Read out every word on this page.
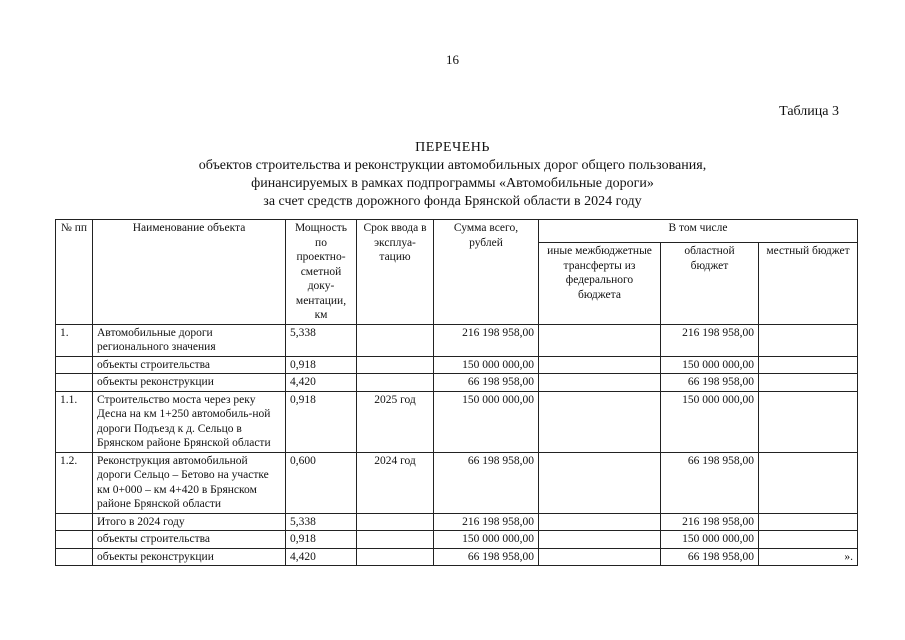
16
Таблица 3
ПЕРЕЧЕНЬ
объектов строительства и реконструкции автомобильных дорог общего пользования,
финансируемых в рамках подпрограммы «Автомобильные дороги»
за счет средств дорожного фонда Брянской области в 2024 году
№ пп	Наименование объекта	Мощность по проектно-сметной доку-ментации, км	Срок ввода в эксплуа-тацию	Сумма всего, рублей	В том числе		
					иные межбюджетные трансферты из федерального бюджета	областной бюджет	местный бюджет
1.	Автомобильные дороги регионального значения	5,338		216 198 958,00		216 198 958,00	
	объекты строительства	0,918		150 000 000,00		150 000 000,00	
	объекты реконструкции	4,420		66 198 958,00		66 198 958,00	
1.1.	Строительство моста через реку Десна на км 1+250 автомобиль-ной дороги Подъезд к д. Сельцо в Брянском районе Брянской области	0,918	2025 год	150 000 000,00		150 000 000,00	
1.2.	Реконструкция автомобильной дороги Сельцо – Бетово на участке км 0+000 – км 4+420 в Брянском районе Брянской области	0,600	2024 год	66 198 958,00		66 198 958,00	
	Итого в 2024 году	5,338		216 198 958,00		216 198 958,00	
	объекты строительства	0,918		150 000 000,00		150 000 000,00	
	объекты реконструкции	4,420		66 198 958,00		66 198 958,00	».
